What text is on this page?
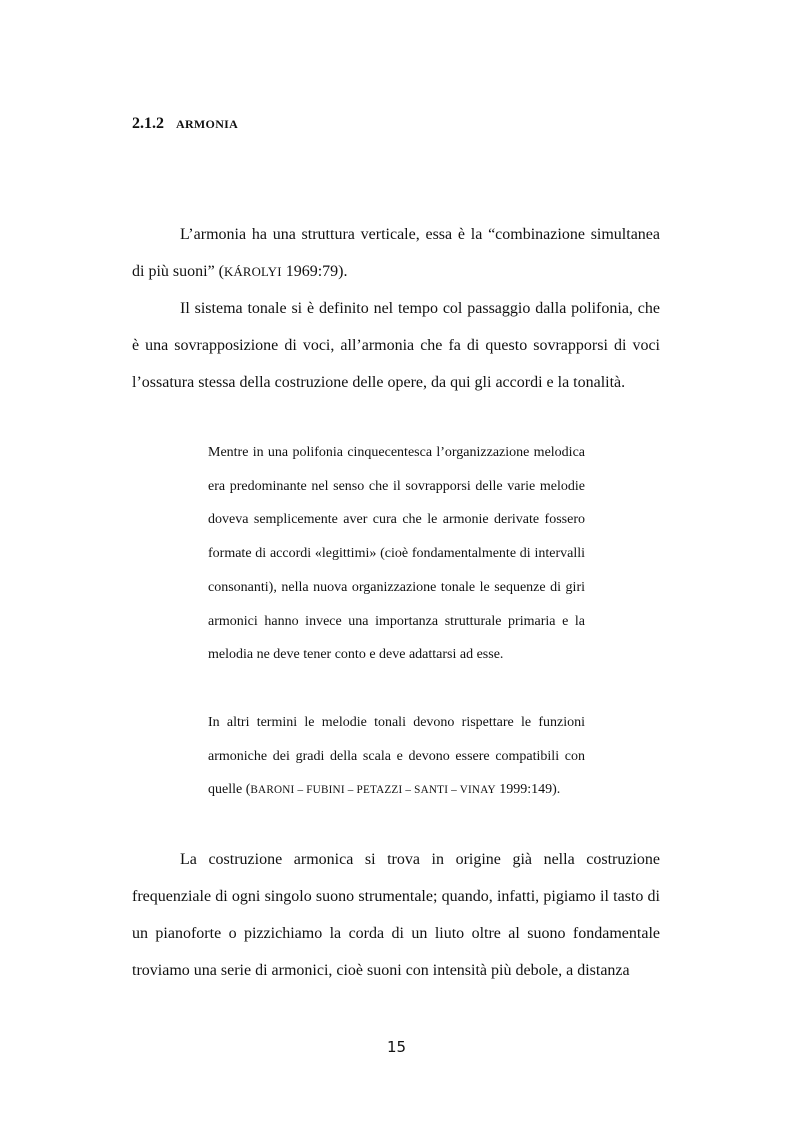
2.1.2 ARMONIA

L’armonia ha una struttura verticale, essa è la “combinazione simultanea di più suoni” (KÁROLYI 1969:79).

Il sistema tonale si è definito nel tempo col passaggio dalla polifonia, che è una sovrapposizione di voci, all’armonia che fa di questo sovrapporsi di voci l’ossatura stessa della costruzione delle opere, da qui gli accordi e la tonalità.

Mentre in una polifonia cinquecentesca l’organizzazione melodica era predominante nel senso che il sovrapporsi delle varie melodie doveva semplicemente aver cura che le armonie derivate fossero formate di accordi «legittimi» (cioè fondamentalmente di intervalli consonanti), nella nuova organizzazione tonale le sequenze di giri armonici hanno invece una importanza strutturale primaria e la melodia ne deve tener conto e deve adattarsi ad esse.

In altri termini le melodie tonali devono rispettare le funzioni armoniche dei gradi della scala e devono essere compatibili con quelle (BARONI – FUBINI – PETAZZI – SANTI – VINAY 1999:149).

La costruzione armonica si trova in origine già nella costruzione frequenziale di ogni singolo suono strumentale; quando, infatti, pigiamo il tasto di un pianoforte o pizzichiamo la corda di un liuto oltre al suono fondamentale troviamo una serie di armonici, cioè suoni con intensità più debole, a distanza

15
